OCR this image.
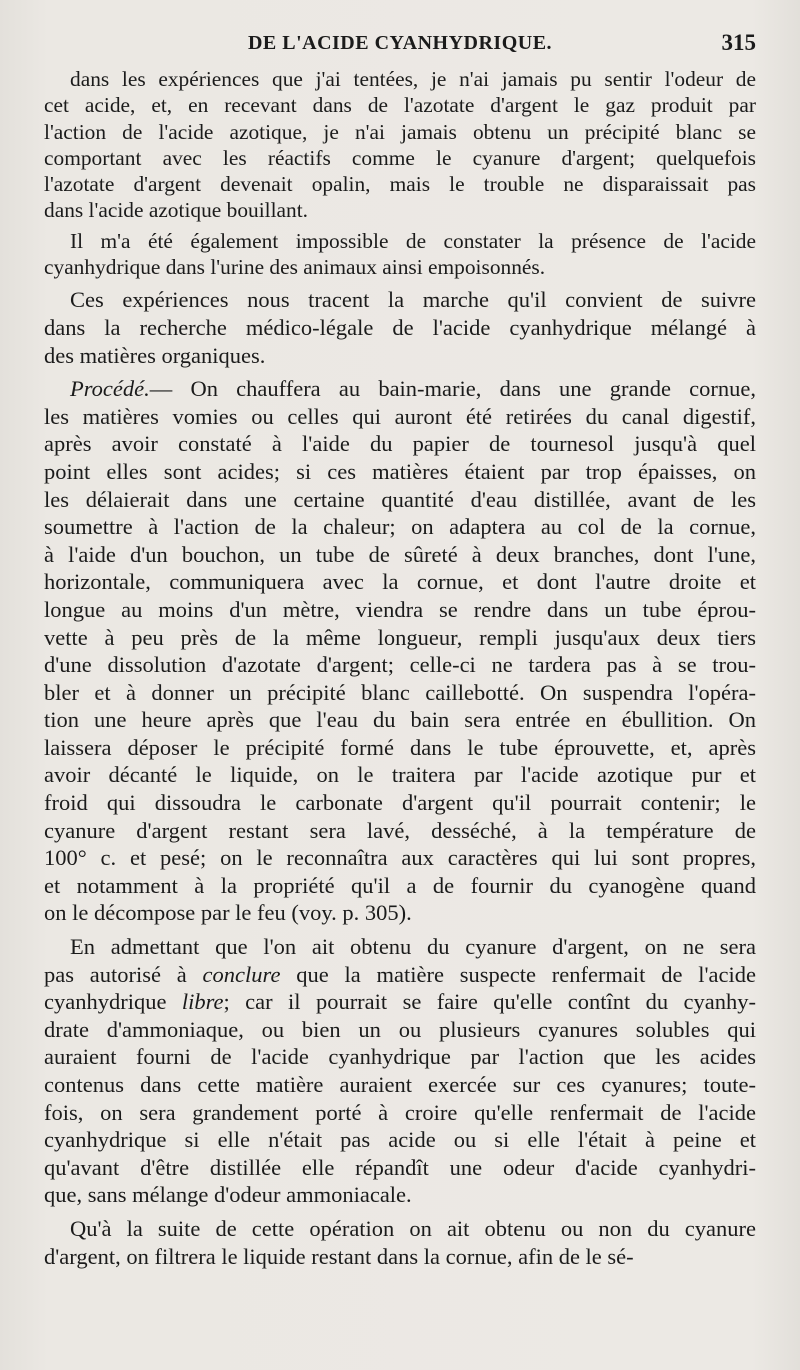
DE L'ACIDE CYANHYDRIQUE.	315

dans les expériences que j'ai tentées, je n'ai jamais pu sentir l'odeur de
cet acide, et, en recevant dans de l'azotate d'argent le gaz produit par
l'action de l'acide azotique, je n'ai jamais obtenu un précipité blanc se
comportant avec les réactifs comme le cyanure d'argent; quelquefois
l'azotate d'argent devenait opalin, mais le trouble ne disparaissait pas
dans l'acide azotique bouillant.

Il m'a été également impossible de constater la présence de l'acide
cyanhydrique dans l'urine des animaux ainsi empoisonnés.

Ces expériences nous tracent la marche qu'il convient de suivre
dans la recherche médico-légale de l'acide cyanhydrique mélangé à
des matières organiques.

Procédé.— On chauffera au bain-marie, dans une grande cornue,
les matières vomies ou celles qui auront été retirées du canal digestif,
après avoir constaté à l'aide du papier de tournesol jusqu'à quel
point elles sont acides; si ces matières étaient par trop épaisses, on
les délaierait dans une certaine quantité d'eau distillée, avant de les
soumettre à l'action de la chaleur; on adaptera au col de la cornue,
à l'aide d'un bouchon, un tube de sûreté à deux branches, dont l'une,
horizontale, communiquera avec la cornue, et dont l'autre droite et
longue au moins d'un mètre, viendra se rendre dans un tube éprou-
vette à peu près de la même longueur, rempli jusqu'aux deux tiers
d'une dissolution d'azotate d'argent; celle-ci ne tardera pas à se trou-
bler et à donner un précipité blanc caillebotté. On suspendra l'opéra-
tion une heure après que l'eau du bain sera entrée en ébullition. On
laissera déposer le précipité formé dans le tube éprouvette, et, après
avoir décanté le liquide, on le traitera par l'acide azotique pur et
froid qui dissoudra le carbonate d'argent qu'il pourrait contenir; le
cyanure d'argent restant sera lavé, desséché, à la température de
100° c. et pesé; on le reconnaîtra aux caractères qui lui sont propres,
et notamment à la propriété qu'il a de fournir du cyanogène quand
on le décompose par le feu (voy. p. 305).

En admettant que l'on ait obtenu du cyanure d'argent, on ne sera
pas autorisé à conclure que la matière suspecte renfermait de l'acide
cyanhydrique libre; car il pourrait se faire qu'elle contînt du cyanhy-
drate d'ammoniaque, ou bien un ou plusieurs cyanures solubles qui
auraient fourni de l'acide cyanhydrique par l'action que les acides
contenus dans cette matière auraient exercée sur ces cyanures; toute-
fois, on sera grandement porté à croire qu'elle renfermait de l'acide
cyanhydrique si elle n'était pas acide ou si elle l'était à peine et
qu'avant d'être distillée elle répandît une odeur d'acide cyanhydri-
que, sans mélange d'odeur ammoniacale.

Qu'à la suite de cette opération on ait obtenu ou non du cyanure
d'argent, on filtrera le liquide restant dans la cornue, afin de le sé-
